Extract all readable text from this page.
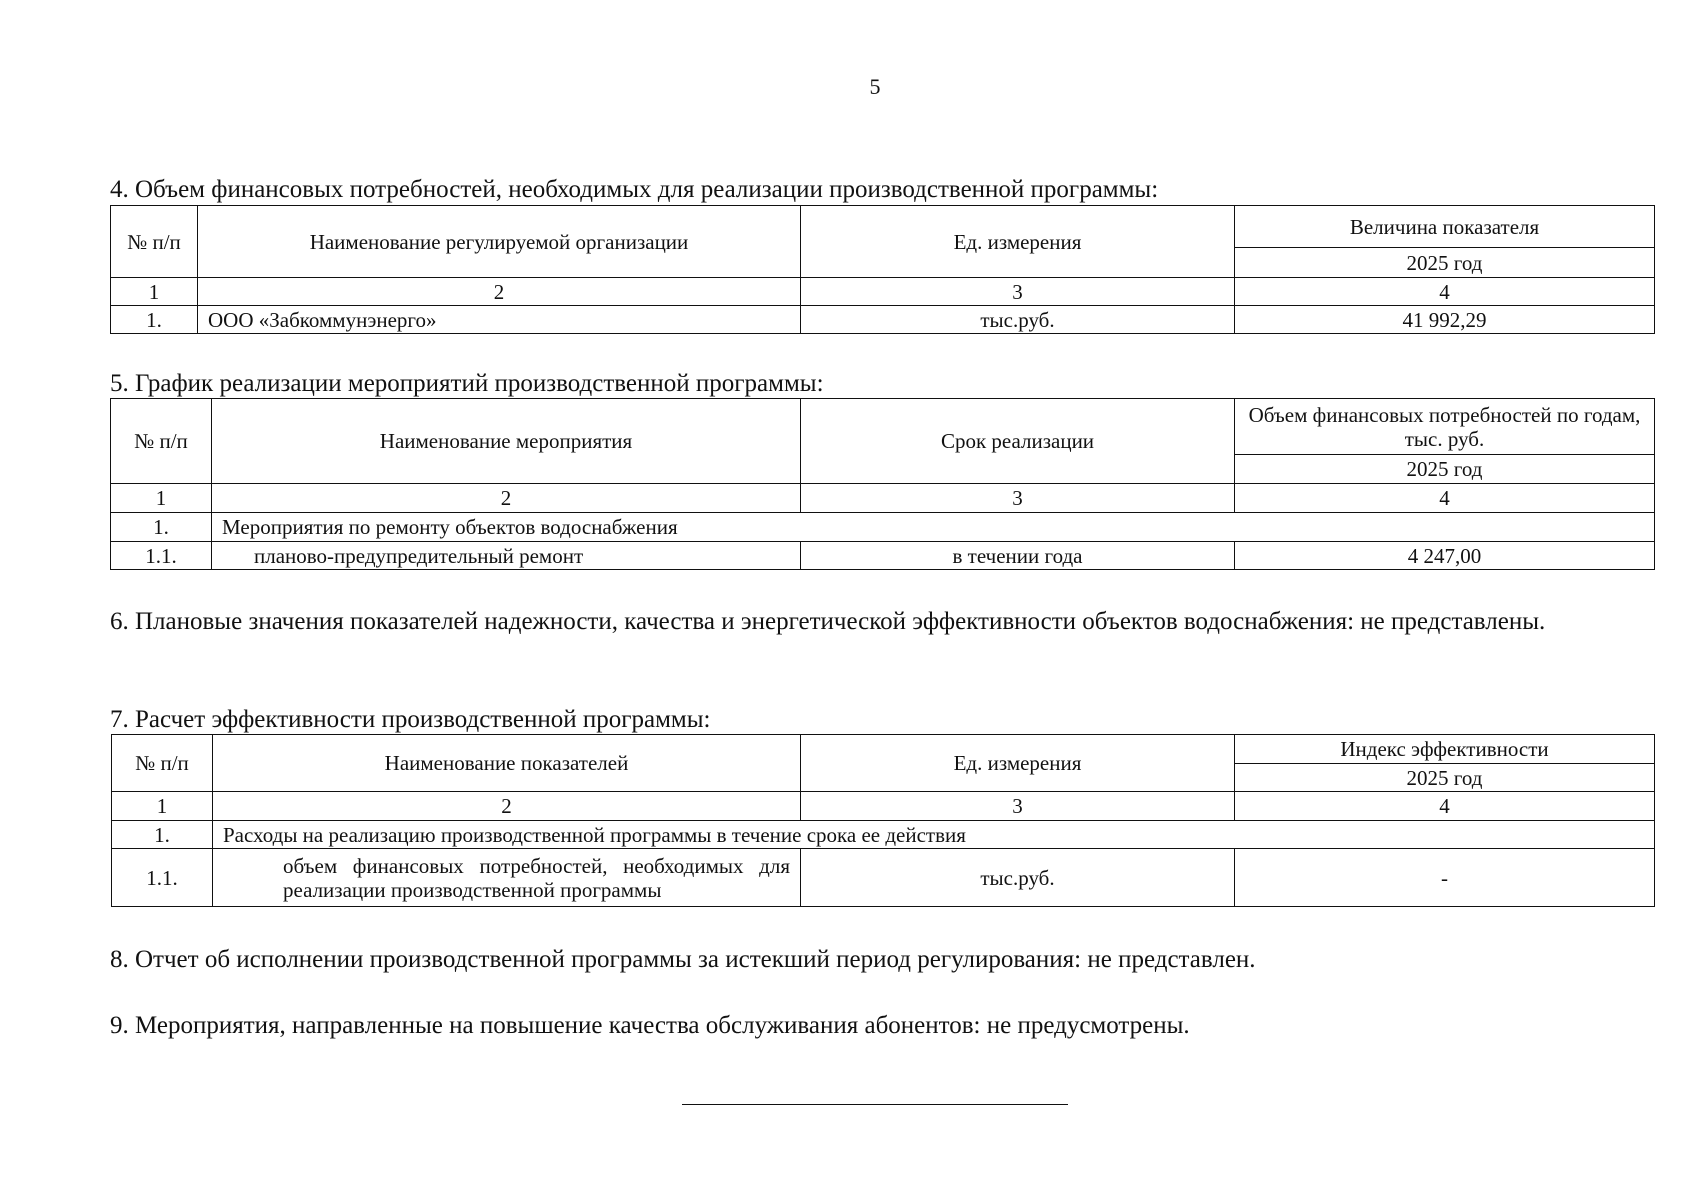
5
4. Объем финансовых потребностей, необходимых для реализации производственной программы:
№ п/п	Наименование регулируемой организации	Ед. измерения	Величина показателя
			2025 год
1	2	3	4
1.	ООО «Забкоммунэнерго»	тыс.руб.	41 992,29
5. График реализации мероприятий производственной программы:
№ п/п	Наименование мероприятия	Срок реализации	Объем финансовых потребностей по годам, тыс. руб.
			2025 год
1	2	3	4
1.	Мероприятия по ремонту объектов водоснабжения		
1.1.	планово-предупредительный ремонт	в течении года	4 247,00
6. Плановые значения показателей надежности, качества и энергетической эффективности объектов водоснабжения: не представлены.
7. Расчет эффективности производственной программы:
№ п/п	Наименование показателей	Ед. измерения	Индекс эффективности
			2025 год
1	2	3	4
1.	Расходы на реализацию производственной программы в течение срока ее действия		
1.1.	объем финансовых потребностей, необходимых для реализации производственной программы	тыс.руб.	-
8. Отчет об исполнении производственной программы за истекший период регулирования: не представлен.
9. Мероприятия, направленные на повышение качества обслуживания абонентов: не предусмотрены.
